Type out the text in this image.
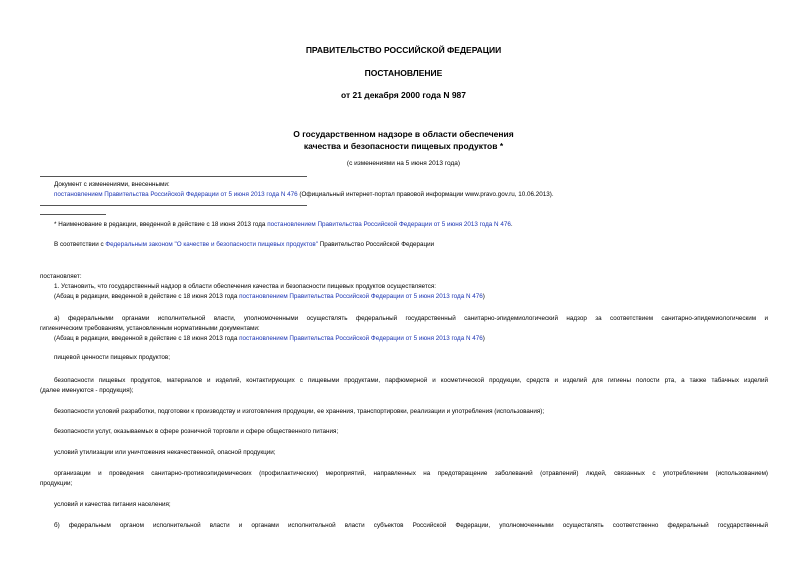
ПРАВИТЕЛЬСТВО РОССИЙСКОЙ ФЕДЕРАЦИИ
ПОСТАНОВЛЕНИЕ
от 21 декабря 2000 года N 987
О государственном надзоре в области обеспечения
качества и безопасности пищевых продуктов *
(с изменениями на 5 июня 2013 года)
Документ с изменениями, внесенными:
постановлением Правительства Российской Федерации от 5 июня 2013 года N 476 (Официальный интернет-портал правовой информации www.pravo.gov.ru, 10.06.2013).
* Наименование в редакции, введенной в действие с 18 июня 2013 года постановлением Правительства Российской Федерации от 5 июня 2013 года N 476.
В соответствии с Федеральным законом "О качестве и безопасности пищевых продуктов" Правительство Российской Федерации
постановляет:
1. Установить, что государственный надзор в области обеспечения качества и безопасности пищевых продуктов осуществляется:
(Абзац в редакции, введенной в действие с 18 июня 2013 года постановлением Правительства Российской Федерации от 5 июня 2013 года N 476)
а) федеральными органами исполнительной власти, уполномоченными осуществлять федеральный государственный санитарно-эпидемиологический надзор за соответствием санитарно-эпидемиологическим и
гигиеническим требованиям, установленным нормативными документами:
(Абзац в редакции, введенной в действие с 18 июня 2013 года постановлением Правительства Российской Федерации от 5 июня 2013 года N 476)
пищевой ценности пищевых продуктов;
безопасности пищевых продуктов, материалов и изделий, контактирующих с пищевыми продуктами, парфюмерной и косметической продукции, средств и изделий для гигиены полости рта, а также табачных изделий
(далее именуются - продукция);
безопасности условий разработки, подготовки к производству и изготовления продукции, ее хранения, транспортировки, реализации и употребления (использования);
безопасности услуг, оказываемых в сфере розничной торговли и сфере общественного питания;
условий утилизации или уничтожения некачественной, опасной продукции;
организации и проведения санитарно-противоэпидемических (профилактических) мероприятий, направленных на предотвращение заболеваний (отравлений) людей, связанных с употреблением (использованием)
продукции;
условий и качества питания населения;
б) федеральным органом исполнительной власти и органами исполнительной власти субъектов Российской Федерации, уполномоченными осуществлять соответственно федеральный государственный
